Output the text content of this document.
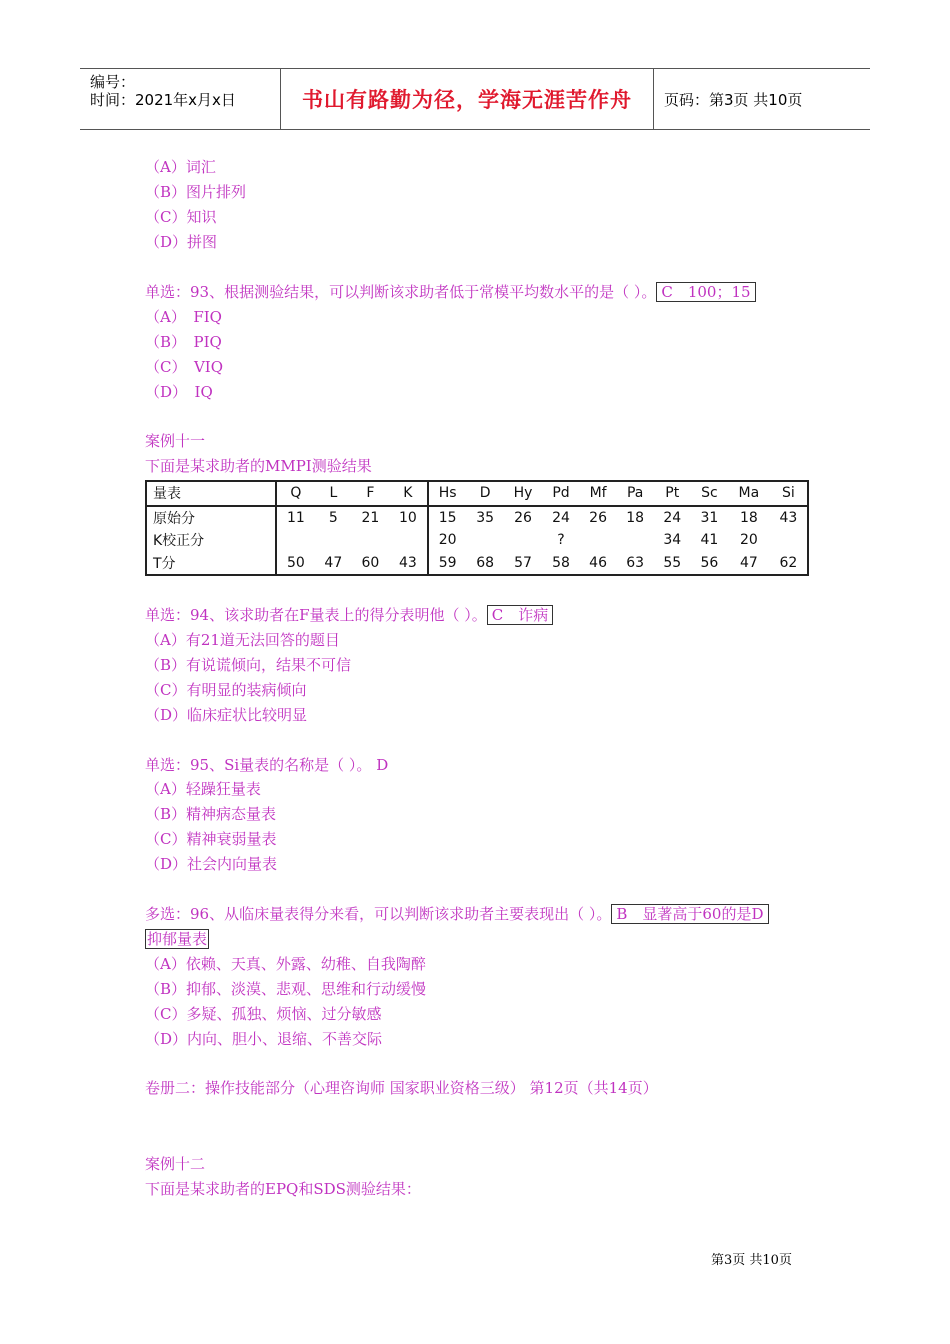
编号：
时间：2021年x月x日	书山有路勤为径，学海无涯苦作舟 页码：第3页 共10页
（A）词汇
（B）图片排列
（C）知识
（D）拼图
单选：93、根据测验结果，可以判断该求助者低于常模平均数水平的是（ ）。 C　100；15
（A）　FIQ
（B）　PIQ
（C）　VIQ
（D）　IQ
案例十一
下面是某求助者的MMPI测验结果
量表	Q	L	F	K	Hs	D	Hy	Pd	Mf	Pa	Pt	Sc	Ma	Si
原始分	11	5	21	10	15	35	26	24	26	18	24	31	18	43
K校正分					20			?			34	41	20	
T分	50	47	60	43	59	68	57	58	46	63	55	56	47	62
单选：94、该求助者在F量表上的得分表明他（ ）。 C　诈病
（A）有21道无法回答的题目
（B）有说谎倾向，结果不可信
（C）有明显的装病倾向
（D）临床症状比较明显
单选：95、Si量表的名称是（ ）。 D
（A）轻躁狂量表
（B）精神病态量表
（C）精神衰弱量表
（D）社会内向量表
多选：96、从临床量表得分来看，可以判断该求助者主要表现出（ ）。 B　显著高于60的是D
抑郁量表
（A）依赖、天真、外露、幼稚、自我陶醉
（B）抑郁、淡漠、悲观、思维和行动缓慢
（C）多疑、孤独、烦恼、过分敏感
（D）内向、胆小、退缩、不善交际
卷册二：操作技能部分（心理咨询师 国家职业资格三级） 第12页（共14页）
案例十二
下面是某求助者的EPQ和SDS测验结果：
第3页 共10页
